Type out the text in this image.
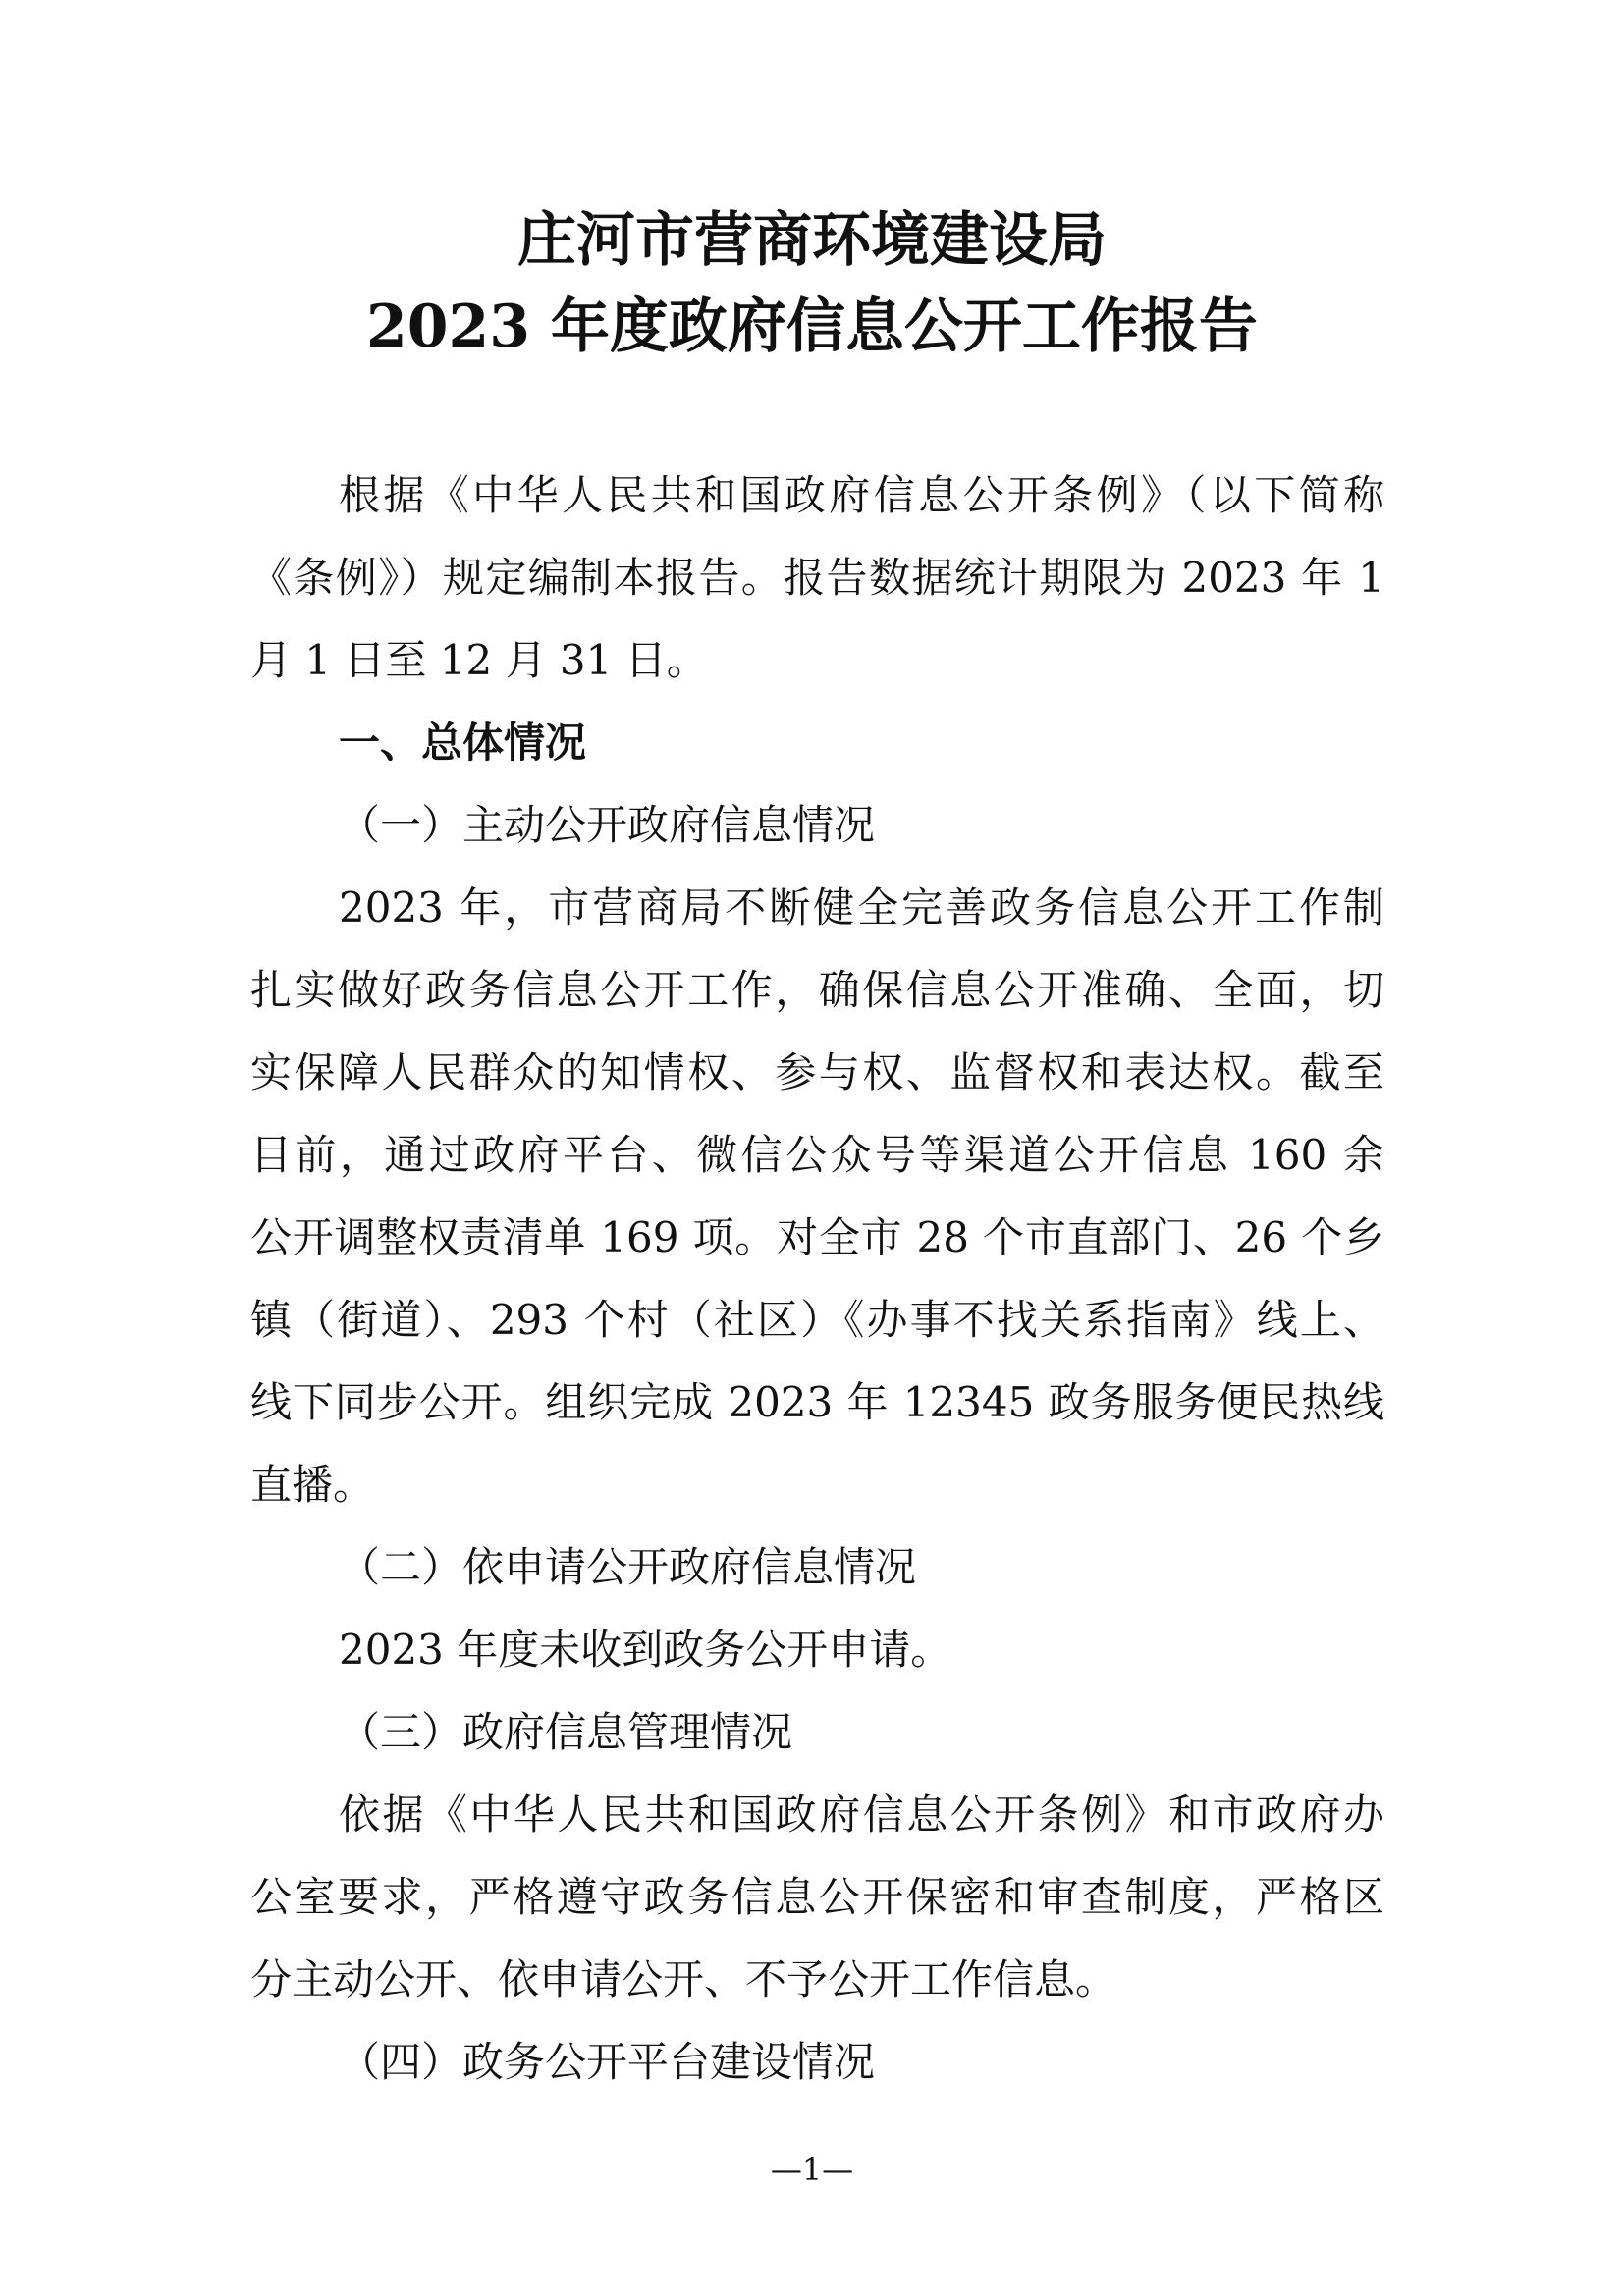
庄河市营商环境建设局
2023 年度政府信息公开工作报告
根据《中华人民共和国政府信息公开条例》（以下简称
《条例》）规定编制本报告。报告数据统计期限为 2023 年 1
月 1 日至 12 月 31 日。
一、总体情况
（一）主动公开政府信息情况
2023 年，市营商局不断健全完善政务信息公开工作制
扎实做好政务信息公开工作，确保信息公开准确、全面，切
实保障人民群众的知情权、参与权、监督权和表达权。截至
目前，通过政府平台、微信公众号等渠道公开信息 160 余
公开调整权责清单 169 项。对全市 28 个市直部门、26 个乡
镇（街道）、293 个村（社区）《办事不找关系指南》线上、
线下同步公开。组织完成 2023 年 12345 政务服务便民热线
直播。
（二）依申请公开政府信息情况
2023 年度未收到政务公开申请。
（三）政府信息管理情况
依据《中华人民共和国政府信息公开条例》和市政府办
公室要求，严格遵守政务信息公开保密和审查制度，严格区
分主动公开、依申请公开、不予公开工作信息。
（四）政务公开平台建设情况
—1—
